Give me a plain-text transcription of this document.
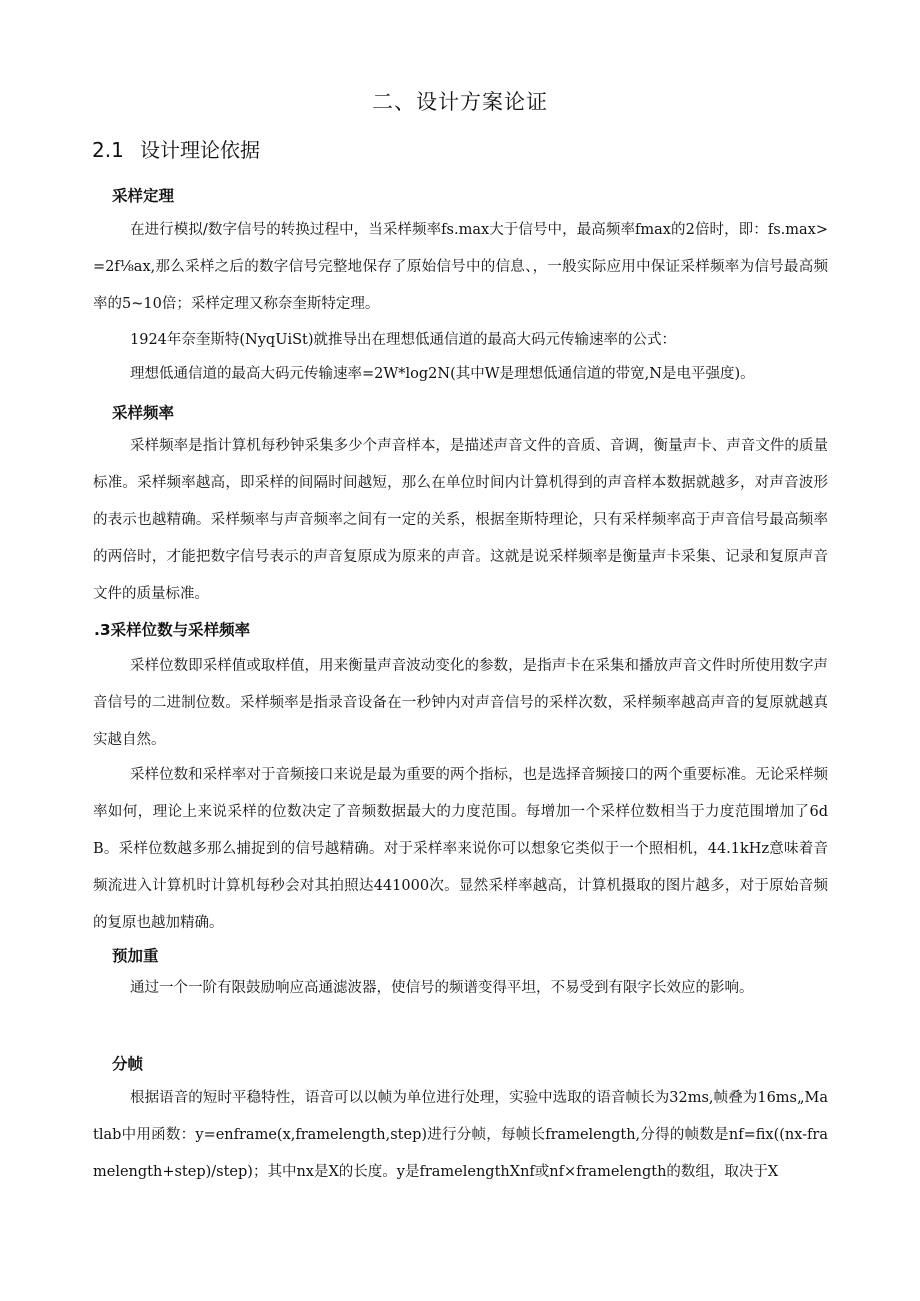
二、设计方案论证
2.1 设计理论依据
采样定理

在进行模拟/数字信号的转换过程中，当采样频率fs.max大于信号中，最高频率fmax的2倍时，即：fs.max>=2f⅛ax,那么采样之后的数字信号完整地保存了原始信号中的信息、，一般实际应用中保证采样频率为信号最高频率的5~10倍；采样定理又称奈奎斯特定理。

1924年奈奎斯特(NyqUiSt)就推导出在理想低通信道的最高大码元传输速率的公式：

理想低通信道的最高大码元传输速率=2W*log2N(其中W是理想低通信道的带宽,N是电平强度)。

采样频率

采样频率是指计算机每秒钟采集多少个声音样本，是描述声音文件的音质、音调，衡量声卡、声音文件的质量标准。采样频率越高，即采样的间隔时间越短，那么在单位时间内计算机得到的声音样本数据就越多，对声音波形的表示也越精确。采样频率与声音频率之间有一定的关系，根据奎斯特理论，只有采样频率高于声音信号最高频率的两倍时，才能把数字信号表示的声音复原成为原来的声音。这就是说采样频率是衡量声卡采集、记录和复原声音文件的质量标准。

.3采样位数与采样频率

采样位数即采样值或取样值，用来衡量声音波动变化的参数，是指声卡在采集和播放声音文件时所使用数字声音信号的二进制位数。采样频率是指录音设备在一秒钟内对声音信号的采样次数，采样频率越高声音的复原就越真实越自然。

采样位数和采样率对于音频接口来说是最为重要的两个指标，也是选择音频接口的两个重要标准。无论采样频率如何，理论上来说采样的位数决定了音频数据最大的力度范围。每增加一个采样位数相当于力度范围增加了6dB。采样位数越多那么捕捉到的信号越精确。对于采样率来说你可以想象它类似于一个照相机，44.1kHz意味着音频流进入计算机时计算机每秒会对其拍照达441000次。显然采样率越高，计算机摄取的图片越多，对于原始音频的复原也越加精确。

预加重

通过一个一阶有限鼓励响应高通滤波器，使信号的频谱变得平坦，不易受到有限字长效应的影响。

分帧

根据语音的短时平稳特性，语音可以以帧为单位进行处理，实验中选取的语音帧长为32ms,帧叠为16ms„Matlab中用函数：y=enframe(x,framelength,step)进行分帧，每帧长framelength,分得的帧数是nf=fix((nx-framelength+step)/step)；其中nx是X的长度。y是framelengthXnf或nf×framelength的数组，取决于X
